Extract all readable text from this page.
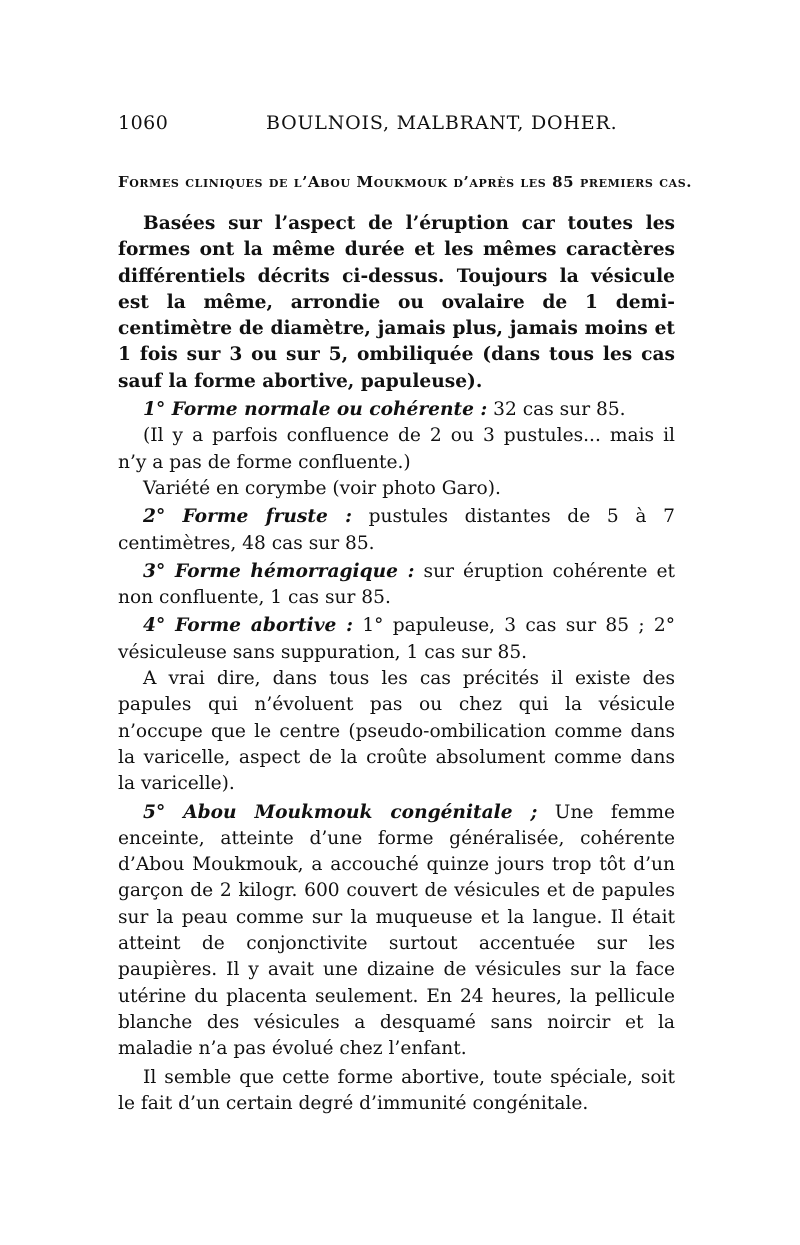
1060	BOULNOIS, MALBRANT, DOHER.
Formes cliniques de l’Abou Moukmouk d’après les 85 premiers cas.

Basées sur l’aspect de l’éruption car toutes les formes ont la même durée et les mêmes caractères différentiels décrits ci-dessus. Toujours la vésicule est la même, arrondie ou ovalaire de 1 demi-centimètre de diamètre, jamais plus, jamais moins et 1 fois sur 3 ou sur 5, ombiliquée (dans tous les cas sauf la forme abortive, papuleuse).

1° Forme normale ou cohérente : 32 cas sur 85.

(Il y a parfois confluence de 2 ou 3 pustules... mais il n’y a pas de forme confluente.)

Variété en corymbe (voir photo Garo).

2° Forme fruste : pustules distantes de 5 à 7 centimètres, 48 cas sur 85.

3° Forme hémorragique : sur éruption cohérente et non confluente, 1 cas sur 85.

4° Forme abortive : 1° papuleuse, 3 cas sur 85 ; 2° vésiculeuse sans suppuration, 1 cas sur 85.

A vrai dire, dans tous les cas précités il existe des papules qui n’évoluent pas ou chez qui la vésicule n’occupe que le centre (pseudo-ombilication comme dans la varicelle, aspect de la croûte absolument comme dans la varicelle).

5° Abou Moukmouk congénitale ; Une femme enceinte, atteinte d’une forme généralisée, cohérente d’Abou Moukmouk, a accouché quinze jours trop tôt d’un garçon de 2 kilogr. 600 couvert de vésicules et de papules sur la peau comme sur la muqueuse et la langue. Il était atteint de conjonctivite surtout accentuée sur les paupières. Il y avait une dizaine de vésicules sur la face utérine du placenta seulement. En 24 heures, la pellicule blanche des vésicules a desquamé sans noircir et la maladie n’a pas évolué chez l’enfant.

Il semble que cette forme abortive, toute spéciale, soit le fait d’un certain degré d’immunité congénitale.
